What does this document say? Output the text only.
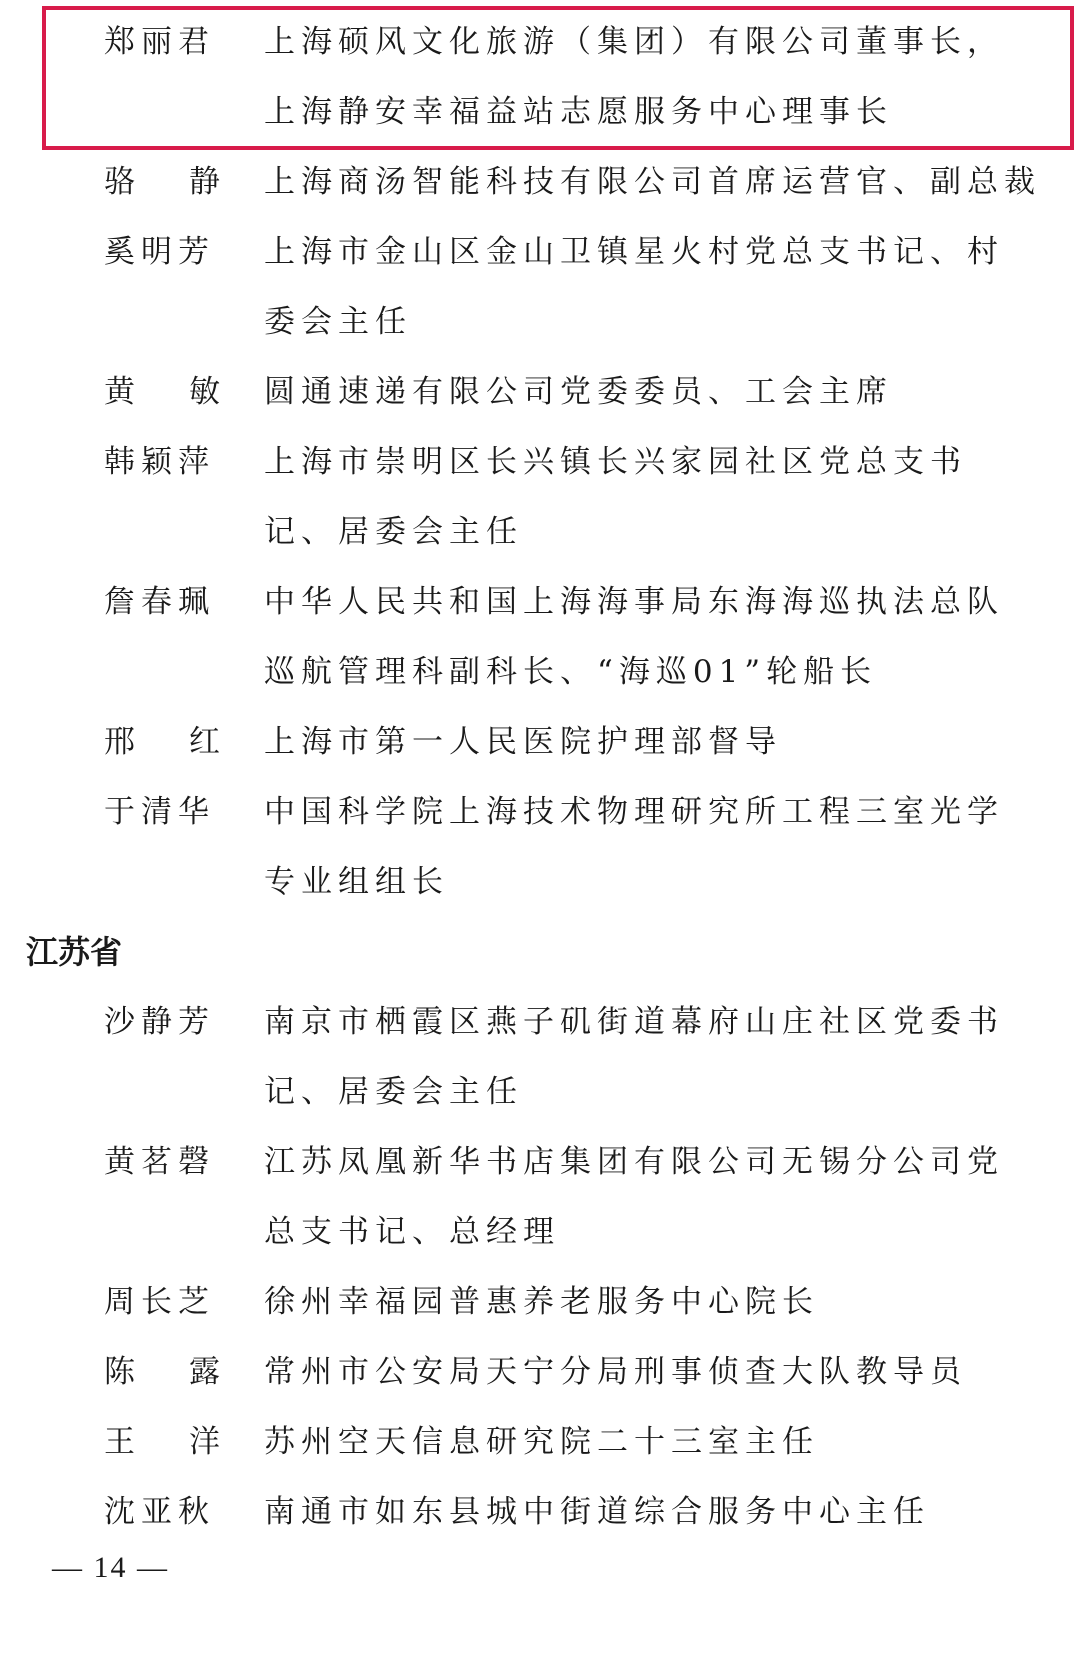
郑丽君 上海硕风文化旅游（集团）有限公司董事长，
上海静安幸福益站志愿服务中心理事长
骆 静 上海商汤智能科技有限公司首席运营官、副总裁
奚明芳 上海市金山区金山卫镇星火村党总支书记、村
委会主任
黄 敏 圆通速递有限公司党委委员、工会主席
韩颖萍 上海市崇明区长兴镇长兴家园社区党总支书
记、居委会主任
詹春珮 中华人民共和国上海海事局东海海巡执法总队
巡航管理科副科长、“海巡01”轮船长
邢 红 上海市第一人民医院护理部督导
于清华 中国科学院上海技术物理研究所工程三室光学
专业组组长
江苏省
沙静芳 南京市栖霞区燕子矶街道幕府山庄社区党委书
记、居委会主任
黄茗磬 江苏凤凰新华书店集团有限公司无锡分公司党
总支书记、总经理
周长芝 徐州幸福园普惠养老服务中心院长
陈 露 常州市公安局天宁分局刑事侦查大队教导员
王 洋 苏州空天信息研究院二十三室主任
沈亚秋 南通市如东县城中街道综合服务中心主任
— 14 —
